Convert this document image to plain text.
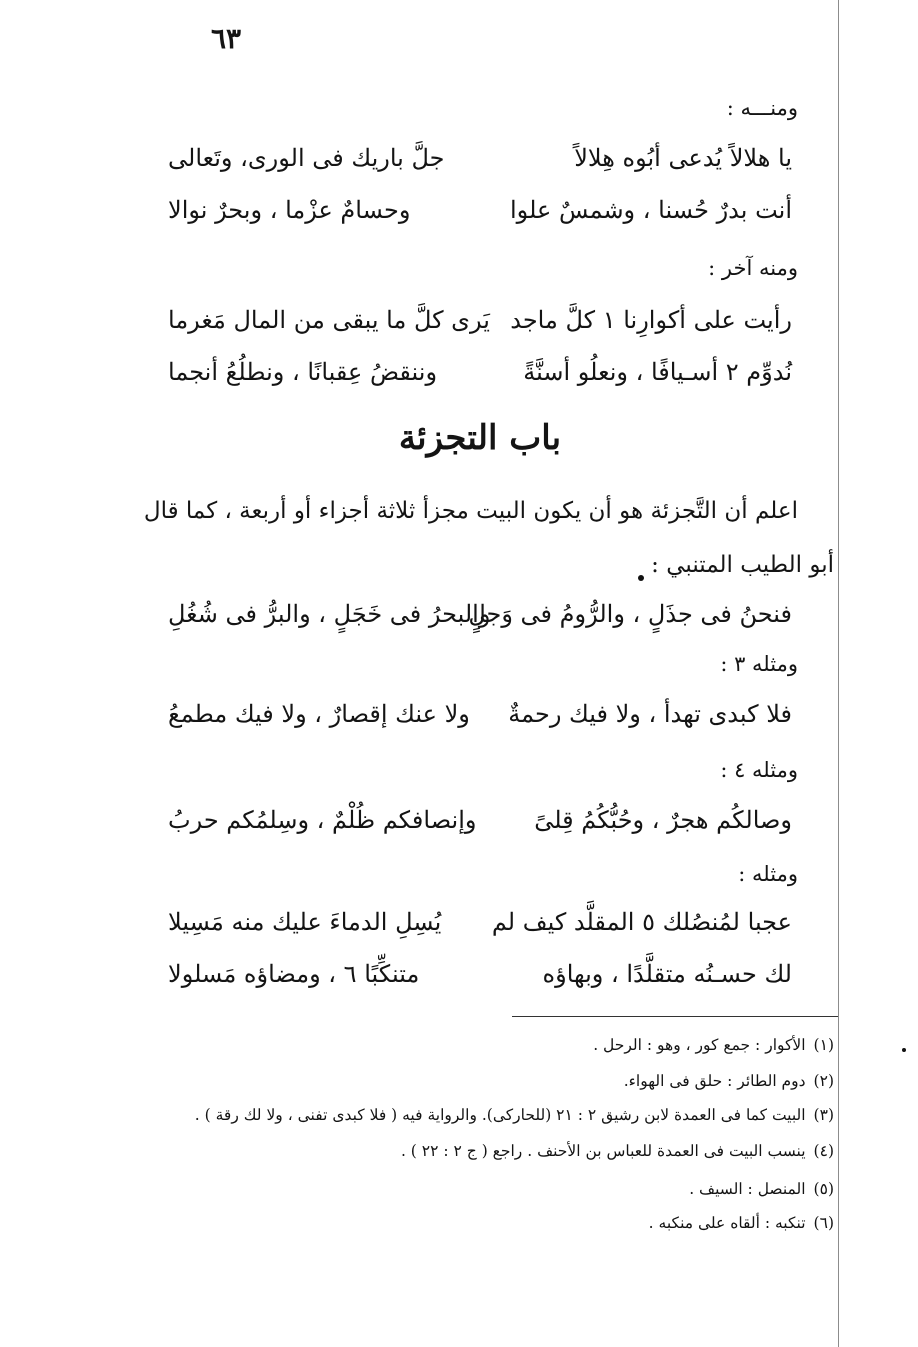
٦٣
ومنـــه :
يا هلالاً يُدعى أبُوه هِلالاً
جلَّ باريك فى الورى، وتَعالى
أنت بدرٌ حُسنا ، وشمسٌ علوا
وحسامٌ عزْما ، وبحرٌ نوالا
ومنه آخر :
رأيت على أكوارِنا ١ كلَّ ماجد
يَرى كلَّ ما يبقى من المال مَغرما
نُدوِّم ٢ أسـيافًا ، ونعلُو أسنَّةً
وننقضُ عِقبانًا ، ونطلُعُ أنجما
باب التجزئة
اعلم أن التَّجزئة هو أن يكون البيت مجزأ ثلاثة أجزاء أو أربعة ، كما قال
أبو الطيب المتنبي :
فنحنُ فى جذَلٍ ، والرُّومُ فى وَجلٍ
والبحرُ فى خَجَلٍ ، والبرُّ فى شُغُلِ
ومثله ٣ :
فلا كبدى تهدأ ، ولا فيك رحمةٌ
ولا عنك إقصارٌ ، ولا فيك مطمعُ
ومثله ٤ :
وصالكُم هجرٌ ، وحُبُّكُمُ قِلىً
وإنصافكم ظُلْمٌ ، وسِلمُكم حربُ
ومثله :
عجبا لمُنصُلك ٥ المقلَّد كيف لم
يُسِلِ الدماءَ عليك منه مَسِيلا
لك حسـنُه متقلَّدًا ، وبهاؤه
متنكِّبًا ٦ ، ومضاؤه مَسلولا
(١)الأكوار : جمع كور ، وهو : الرحل .
(٢)دوم الطائر : حلق فى الهواء.
(٣)البيت كما فى العمدة لابن رشيق ٢ : ٢١ (للحاركى). والرواية فيه ( فلا كبدى تفنى ، ولا لك رقة ) .
(٤)ينسب البيت فى العمدة للعباس بن الأحنف . راجع ( ج ٢ : ٢٢ ) .
(٥)المنصل : السيف .
(٦)تنكبه : ألقاه على منكبه .
